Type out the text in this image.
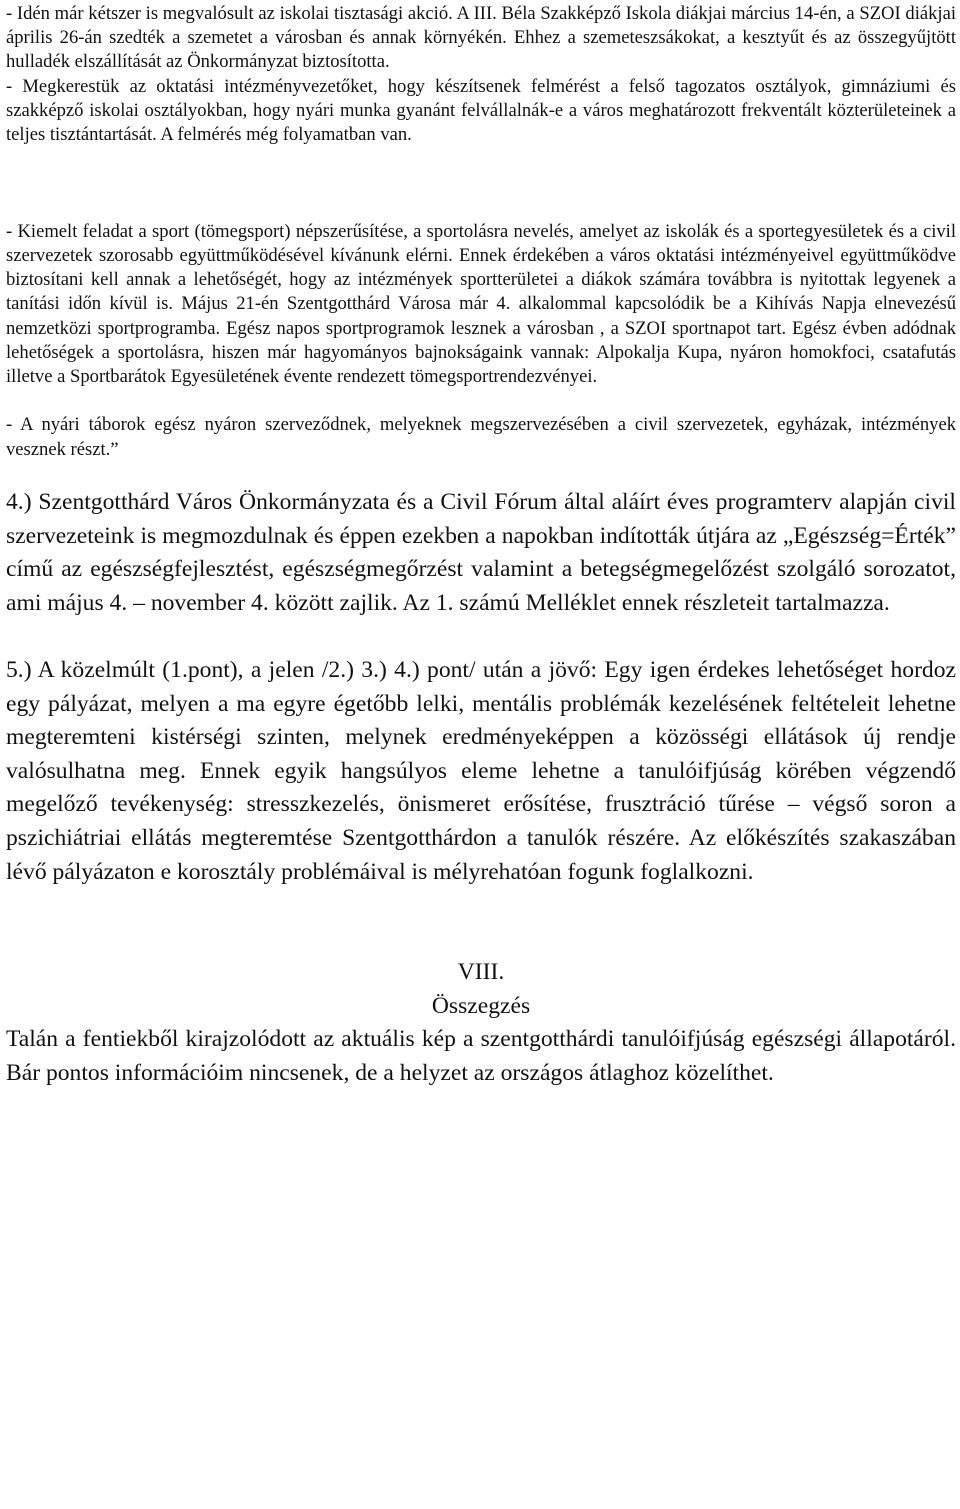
- Idén már kétszer is megvalósult az iskolai tisztasági akció. A III. Béla Szakképző Iskola diákjai március 14-én, a SZOI diákjai április 26-án szedték a szemetet a városban és annak környékén. Ehhez a szemeteszsákokat, a kesztyűt és az összegyűjtött hulladék elszállítását az Önkormányzat biztosította.

- Megkerestük az oktatási intézményvezetőket, hogy készítsenek felmérést a felső tagozatos osztályok, gimnáziumi és szakképző iskolai osztályokban, hogy nyári munka gyanánt felvállalnák-e a város meghatározott frekventált közterületeinek a teljes tisztántartását. A felmérés még folyamatban van.

- Kiemelt feladat a sport (tömegsport) népszerűsítése, a sportolásra nevelés, amelyet az iskolák és a sportegyesületek és a civil szervezetek szorosabb együttműködésével kívánunk elérni. Ennek érdekében a város oktatási intézményeivel együttműködve biztosítani kell annak a lehetőségét, hogy az intézmények sportterületei a diákok számára továbbra is nyitottak legyenek a tanítási időn kívül is. Május 21-én Szentgotthárd Városa már 4. alkalommal kapcsolódik be a Kihívás Napja elnevezésű nemzetközi sportprogramba. Egész napos sportprogramok lesznek a városban , a SZOI sportnapot tart. Egész évben adódnak lehetőségek a sportolásra, hiszen már hagyományos bajnokságaink vannak: Alpokalja Kupa, nyáron homokfoci, csatafutás illetve a Sportbarátok Egyesületének évente rendezett tömegsportrendezvényei.

- A nyári táborok egész nyáron szerveződnek, melyeknek megszervezésében a civil szervezetek, egyházak, intézmények vesznek részt.”

4.) Szentgotthárd Város Önkormányzata és a Civil Fórum által aláírt éves programterv alapján civil szervezeteink is megmozdulnak és éppen ezekben a napokban indították útjára az „Egészség=Érték” című az egészségfejlesztést, egészségmegőrzést valamint a betegségmegelőzést szolgáló sorozatot, ami május 4. – november 4. között zajlik. Az 1. számú Melléklet ennek részleteit tartalmazza.

5.) A közelmúlt (1.pont), a jelen /2.) 3.) 4.) pont/ után a jövő: Egy igen érdekes lehetőséget hordoz egy pályázat, melyen a ma egyre égetőbb lelki, mentális problémák kezelésének feltételeit lehetne megteremteni kistérségi szinten, melynek eredményeképpen a közösségi ellátások új rendje valósulhatna meg. Ennek egyik hangsúlyos eleme lehetne a tanulóifjúság körében végzendő megelőző tevékenység: stresszkezelés, önismeret erősítése, frusztráció tűrése – végső soron a pszichiátriai ellátás megteremtése Szentgotthárdon a tanulók részére. Az előkészítés szakaszában lévő pályázaton e korosztály problémáival is mélyrehatóan fogunk foglalkozni.

VIII.

Összegzés

Talán a fentiekből kirajzolódott az aktuális kép a szentgotthárdi tanulóifjúság egészségi állapotáról. Bár pontos információim nincsenek, de a helyzet az országos átlaghoz közelíthet.
